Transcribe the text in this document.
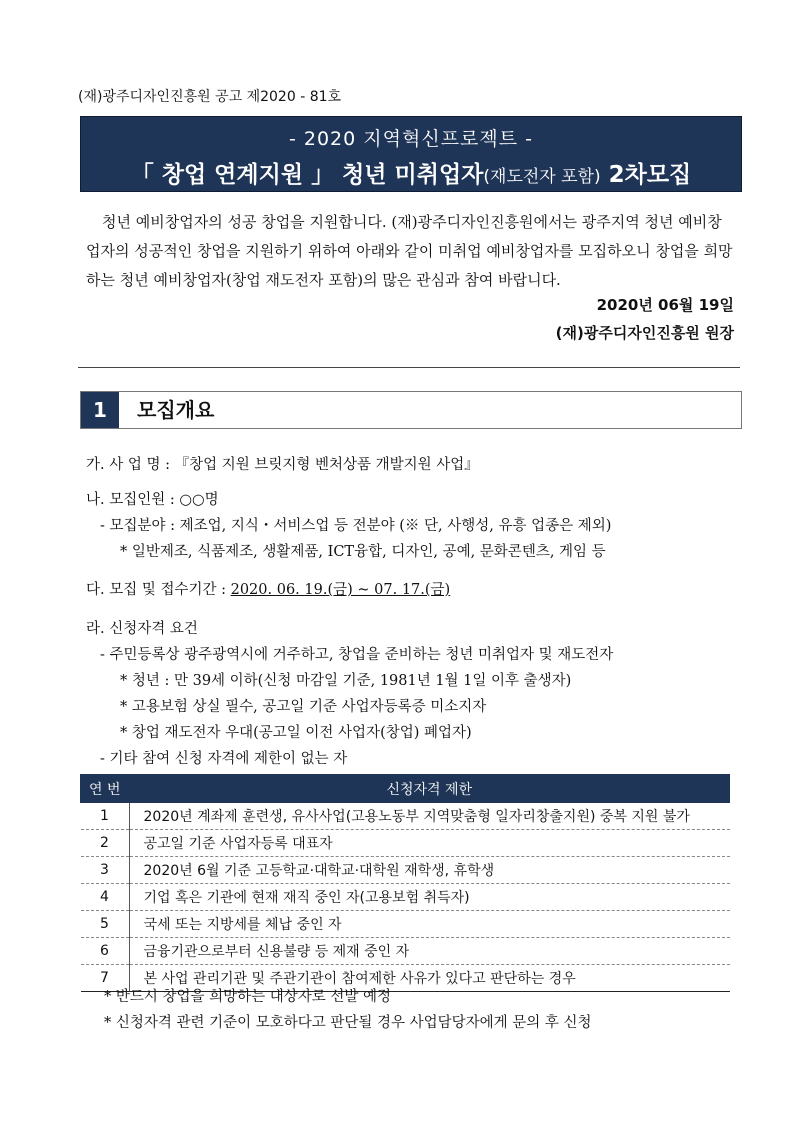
(재)광주디자인진흥원 공고 제2020 - 81호
- 2020 지역혁신프로젝트 -
「 창업 연계지원 」 청년 미취업자(재도전자 포함) 2차모집
청년 예비창업자의 성공 창업을 지원합니다. (재)광주디자인진흥원에서는 광주지역 청년 예비창업자의 성공적인 창업을 지원하기 위하여 아래와 같이 미취업 예비창업자를 모집하오니 창업을 희망하는 청년 예비창업자(창업 재도전자 포함)의 많은 관심과 참여 바랍니다.
2020년 06월 19일
(재)광주디자인진흥원 원장
1	모집개요
가. 사 업 명 : 『창업 지원 브릿지형 벤처상품 개발지원 사업』
나. 모집인원 : ○○명
- 모집분야 : 제조업, 지식・서비스업 등 전분야 (※ 단, 사행성, 유흥 업종은 제외)
* 일반제조, 식품제조, 생활제품, ICT융합, 디자인, 공예, 문화콘텐츠, 게임 등
다. 모집 및 접수기간 : 2020. 06. 19.(금) ~ 07. 17.(금)
라. 신청자격 요건
- 주민등록상 광주광역시에 거주하고, 창업을 준비하는 청년 미취업자 및 재도전자
* 청년 : 만 39세 이하(신청 마감일 기준, 1981년 1월 1일 이후 출생자)
* 고용보험 상실 필수, 공고일 기준 사업자등록증 미소지자
* 창업 재도전자 우대(공고일 이전 사업자(창업) 폐업자)
- 기타 참여 신청 자격에 제한이 없는 자
연 번	신청자격 제한
1	2020년 계좌제 훈련생, 유사사업(고용노동부 지역맞춤형 일자리창출지원) 중복 지원 불가
2	공고일 기준 사업자등록 대표자
3	2020년 6월 기준 고등학교·대학교·대학원 재학생, 휴학생
4	기업 혹은 기관에 현재 재직 중인 자(고용보험 취득자)
5	국세 또는 지방세를 체납 중인 자
6	금융기관으로부터 신용불량 등 제재 중인 자
7	본 사업 관리기관 및 주관기관이 참여제한 사유가 있다고 판단하는 경우
* 반드시 창업을 희망하는 대상자로 선발 예정
* 신청자격 관련 기준이 모호하다고 판단될 경우 사업담당자에게 문의 후 신청
